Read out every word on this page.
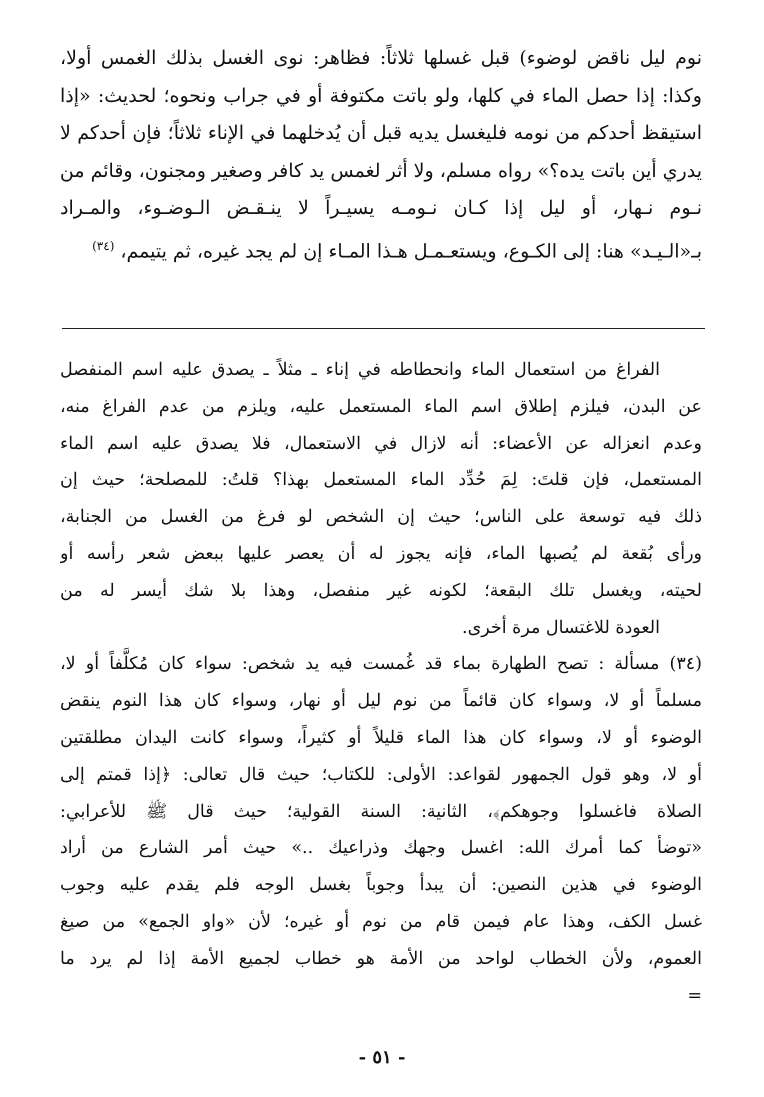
نوم ليل ناقض لوضوء) قبل غسلها ثلاثاً: فظاهر: نوى الغسل بذلك الغمس أولا،
وكذا: إذا حصل الماء في كلها، ولو باتت مكتوفة أو في جراب ونحوه؛ لحديث: «إذا
استيقظ أحدكم من نومه فليغسل يديه قبل أن يُدخلهما في الإناء ثلاثاً؛ فإن أحدكم لا
يدري أين باتت يده؟» رواه مسلم، ولا أثر لغمس يد كافر وصغير ومجنون، وقائم من
نـوم نـهار، أو ليل إذا كـان نـومـه يسيـراً لا ينـقـض الـوضـوء، والمـراد
بـ«الـيـد» هنا: إلى الكـوع، ويستعـمـل هـذا المـاء إن لم يجد غيره، ثم يتيمم،$^{(٣٤)}$
الفراغ من استعمال الماء وانحطاطه في إناء ـ مثلاً ـ يصدق عليه اسم المنفصل
عن البدن، فيلزم إطلاق اسم الماء المستعمل عليه، ويلزم من عدم الفراغ منه،
وعدم انعزاله عن الأعضاء: أنه لازال في الاستعمال، فلا يصدق عليه اسم الماء
المستعمل، فإن قلتَ: لِمَ حُدِّد الماء المستعمل بهذا؟ قلتُ: للمصلحة؛ حيث إن
ذلك فيه توسعة على الناس؛ حيث إن الشخص لو فرغ من الغسل من الجنابة،
ورأى بُقعة لم يُصبها الماء، فإنه يجوز له أن يعصر عليها ببعض شعر رأسه أو
لحيته، ويغسل تلك البقعة؛ لكونه غير منفصل، وهذا بلا شك أيسر له من
العودة للاغتسال مرة أخرى.
(٣٤) مسألة : تصح الطهارة بماء قد غُمست فيه يد شخص: سواء كان مُكلَّفاً أو لا،
مسلماً أو لا، وسواء كان قائماً من نوم ليل أو نهار، وسواء كان هذا النوم ينقض
الوضوء أو لا، وسواء كان هذا الماء قليلاً أو كثيراً، وسواء كانت اليدان مطلقتين
أو لا، وهو قول الجمهور لقواعد: الأولى: للكتاب؛ حيث قال تعالى: ﴿إذا قمتم إلى
الصلاة فاغسلوا وجوهكم﴾، الثانية: السنة القولية؛ حيث قال ﷺ للأعرابي:
«توضأ كما أمرك الله: اغسل وجهك وذراعيك ..» حيث أمر الشارع من أراد
الوضوء في هذين النصين: أن يبدأ وجوباً بغسل الوجه فلم يقدم عليه وجوب
غسل الكف، وهذا عام فيمن قام من نوم أو غيره؛ لأن «واو الجمع» من صيغ
العموم، ولأن الخطاب لواحد من الأمة هو خطاب لجميع الأمة إذا لم يرد ما
=
- ٥١ -
